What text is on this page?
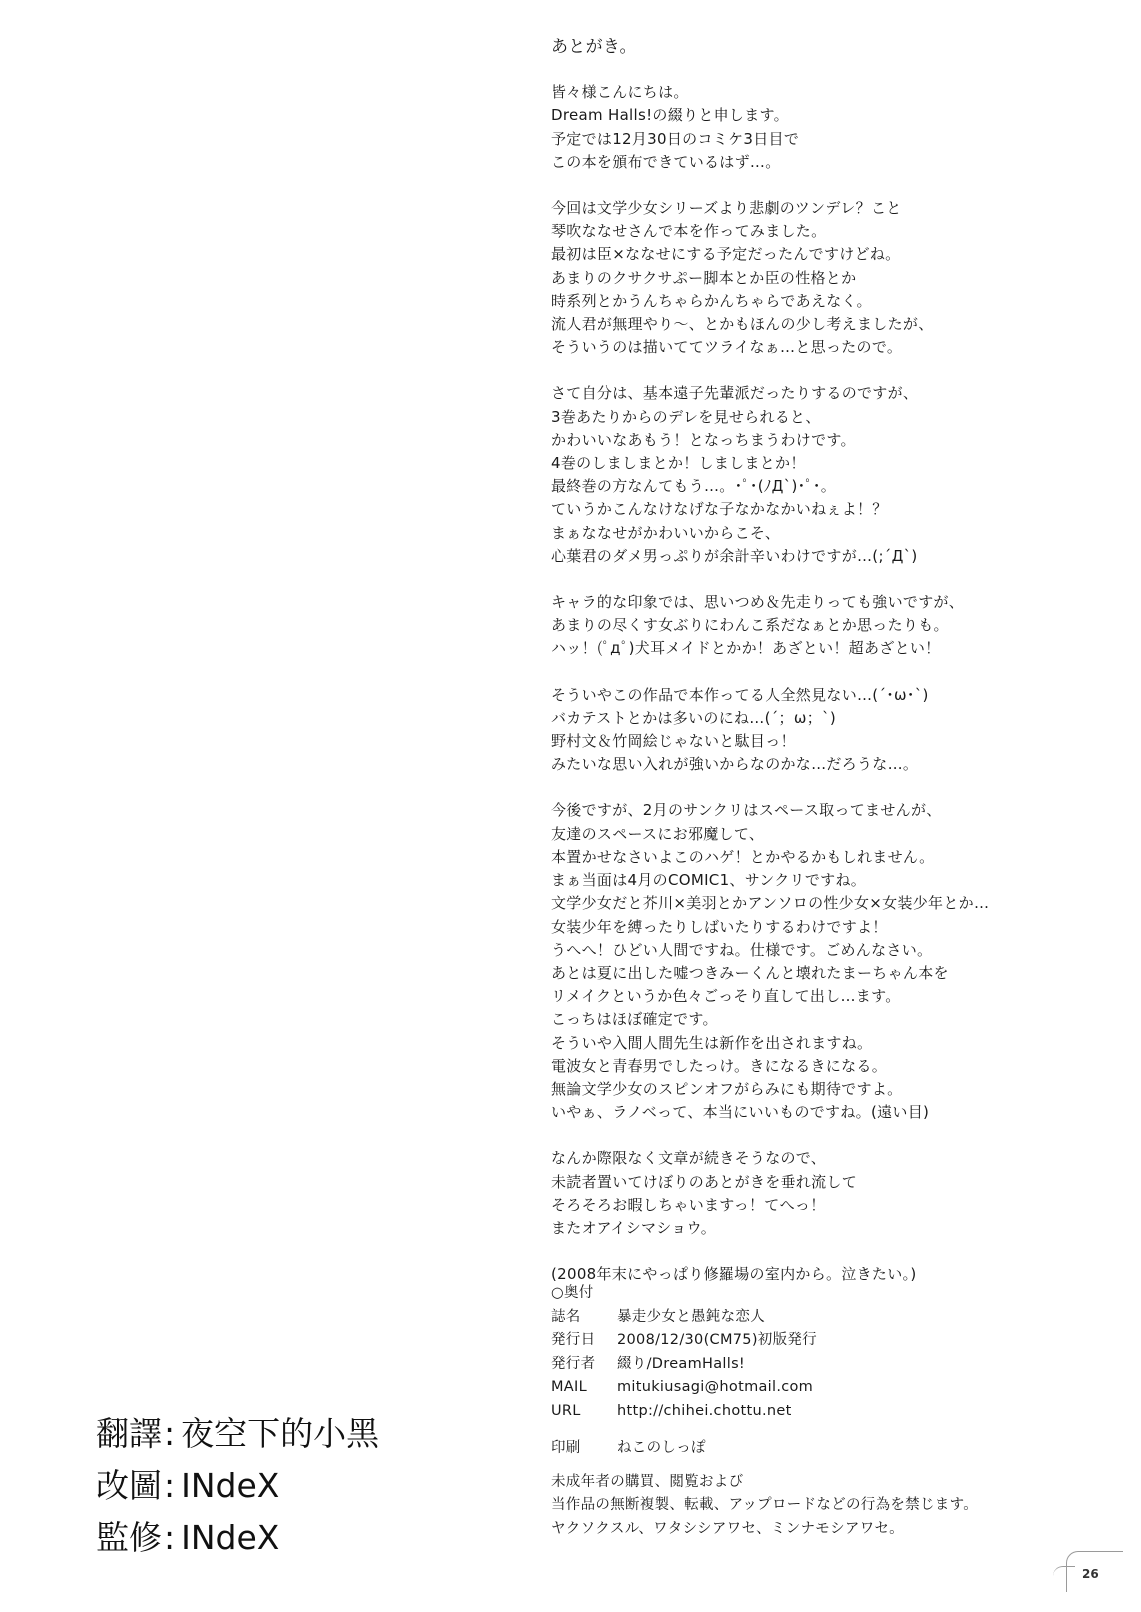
あとがき。
皆々様こんにちは。
Dream Halls!の綴りと申します。
予定では12月30日のコミケ3日目で
この本を頒布できているはず…。
今回は文学少女シリーズより悲劇のツンデレ？こと
琴吹ななせさんで本を作ってみました。
最初は臣×ななせにする予定だったんですけどね。
あまりのクサクサぷー脚本とか臣の性格とか
時系列とかうんちゃらかんちゃらであえなく。
流人君が無理やり～、とかもほんの少し考えましたが、
そういうのは描いててツライなぁ…と思ったので。
さて自分は、基本遠子先輩派だったりするのですが、
3巻あたりからのデレを見せられると、
かわいいなあもう！となっちまうわけです。
4巻のしましまとか！しましまとか！
最終巻の方なんてもう…。･ﾟ･(ﾉД`)･ﾟ･。
ていうかこんなけなげな子なかなかいねぇよ！？
まぁななせがかわいいからこそ、
心葉君のダメ男っぷりが余計辛いわけですが…(;´Д`)
キャラ的な印象では、思いつめ＆先走りっても強いですが、
あまりの尽くす女ぶりにわんこ系だなぁとか思ったりも。
ハッ！(ﾟдﾟ)犬耳メイドとかか！あざとい！超あざとい！
そういやこの作品で本作ってる人全然見ない…(´･ω･`)
バカテストとかは多いのにね…(´；ω；`)
野村文＆竹岡絵じゃないと駄目っ！
みたいな思い入れが強いからなのかな…だろうな…。
今後ですが、2月のサンクリはスペース取ってませんが、
友達のスペースにお邪魔して、
本置かせなさいよこのハゲ！とかやるかもしれません。
まぁ当面は4月のCOMIC1、サンクリですね。
文学少女だと芥川×美羽とかアンソロの性少女×女装少年とか…
女装少年を縛ったりしばいたりするわけですよ！
うへへ！ひどい人間ですね。仕様です。ごめんなさい。
あとは夏に出した嘘つきみーくんと壊れたまーちゃん本を
リメイクというか色々ごっそり直して出し…ます。
こっちはほぼ確定です。
そういや入間人間先生は新作を出されますね。
電波女と青春男でしたっけ。きになるきになる。
無論文学少女のスピンオフがらみにも期待ですよ。
いやぁ、ラノベって、本当にいいものですね。(遠い目)
なんか際限なく文章が続きそうなので、
未読者置いてけぼりのあとがきを垂れ流して
そろそろお暇しちゃいますっ！てへっ！
またオアイシマショウ。
(2008年末にやっぱり修羅場の室内から。泣きたい。)
○奥付
誌名	暴走少女と愚鈍な恋人
発行日 2008/12/30(CM75)初版発行
発行者 綴り/DreamHalls!
MAIL mitukiusagi@hotmail.com
URL	http://chihei.chottu.net
印刷	ねこのしっぽ
未成年者の購買、閲覧および
当作品の無断複製、転載、アップロードなどの行為を禁じます。
ヤクソクスル、ワタシシアワセ、ミンナモシアワセ。
翻譯: 夜空下的小黑
改圖: INdeX
監修: INdeX
26
